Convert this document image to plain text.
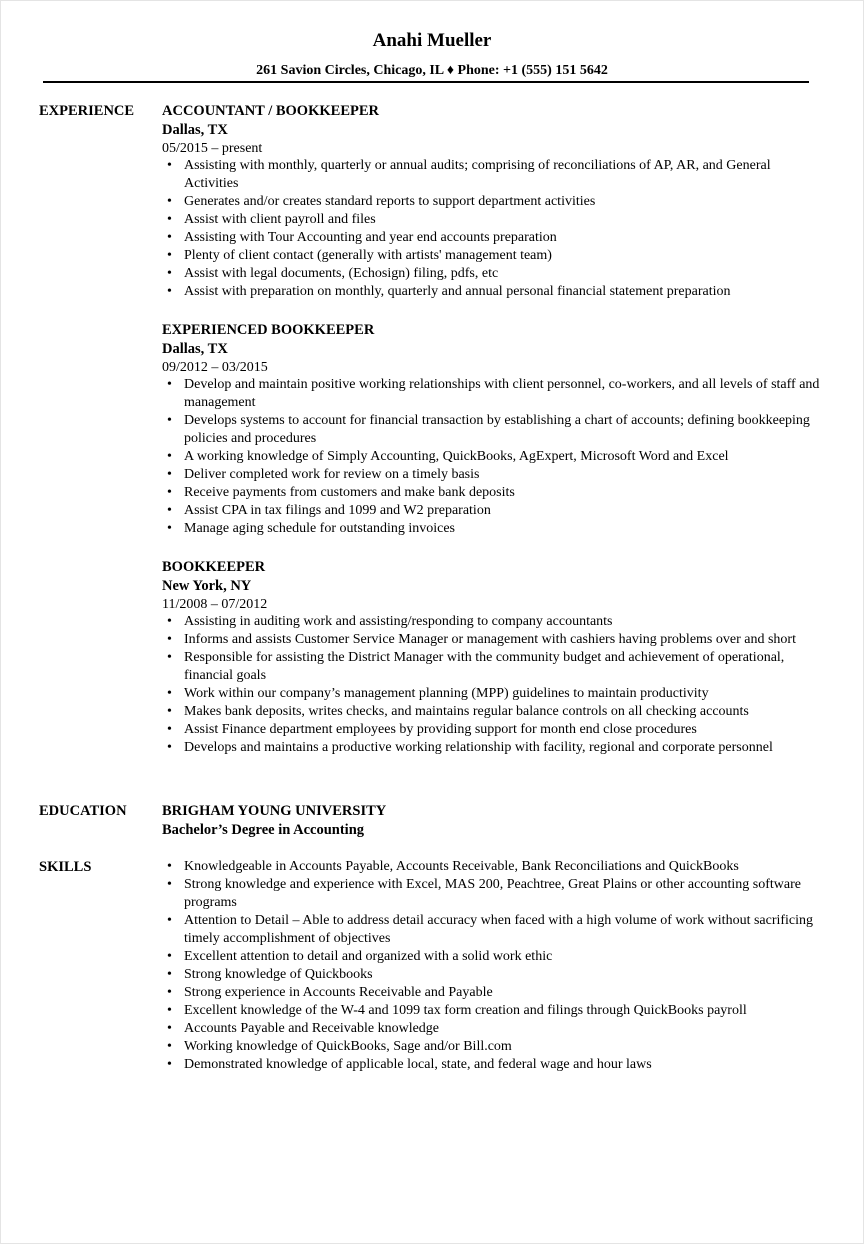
Anahi Mueller
261 Savion Circles, Chicago, IL ♦ Phone: +1 (555) 151 5642
EXPERIENCE ACCOUNTANT / BOOKKEEPER
Dallas, TX
05/2015 – present
• Assisting with monthly, quarterly or annual audits; comprising of reconciliations of AP, AR, and General Activities
• Generates and/or creates standard reports to support department activities
• Assist with client payroll and files
• Assisting with Tour Accounting and year end accounts preparation
• Plenty of client contact (generally with artists' management team)
• Assist with legal documents, (Echosign) filing, pdfs, etc
• Assist with preparation on monthly, quarterly and annual personal financial statement preparation
EXPERIENCED BOOKKEEPER
Dallas, TX
09/2012 – 03/2015
• Develop and maintain positive working relationships with client personnel, co-workers, and all levels of staff and management
• Develops systems to account for financial transaction by establishing a chart of accounts; defining bookkeeping policies and procedures
• A working knowledge of Simply Accounting, QuickBooks, AgExpert, Microsoft Word and Excel
• Deliver completed work for review on a timely basis
• Receive payments from customers and make bank deposits
• Assist CPA in tax filings and 1099 and W2 preparation
• Manage aging schedule for outstanding invoices
BOOKKEEPER
New York, NY
11/2008 – 07/2012
• Assisting in auditing work and assisting/responding to company accountants
• Informs and assists Customer Service Manager or management with cashiers having problems over and short
• Responsible for assisting the District Manager with the community budget and achievement of operational, financial goals
• Work within our company’s management planning (MPP) guidelines to maintain productivity
• Makes bank deposits, writes checks, and maintains regular balance controls on all checking accounts
• Assist Finance department employees by providing support for month end close procedures
• Develops and maintains a productive working relationship with facility, regional and corporate personnel
EDUCATION BRIGHAM YOUNG UNIVERSITY
Bachelor’s Degree in Accounting
SKILLS
•	Knowledgeable in Accounts Payable, Accounts Receivable, Bank Reconciliations and QuickBooks
• Strong knowledge and experience with Excel, MAS 200, Peachtree, Great Plains or other accounting software programs
• Attention to Detail – Able to address detail accuracy when faced with a high volume of work without sacrificing timely accomplishment of objectives
• Excellent attention to detail and organized with a solid work ethic
• Strong knowledge of Quickbooks
• Strong experience in Accounts Receivable and Payable
• Excellent knowledge of the W-4 and 1099 tax form creation and filings through QuickBooks payroll
• Accounts Payable and Receivable knowledge
• Working knowledge of QuickBooks, Sage and/or Bill.com
• Demonstrated knowledge of applicable local, state, and federal wage and hour laws
